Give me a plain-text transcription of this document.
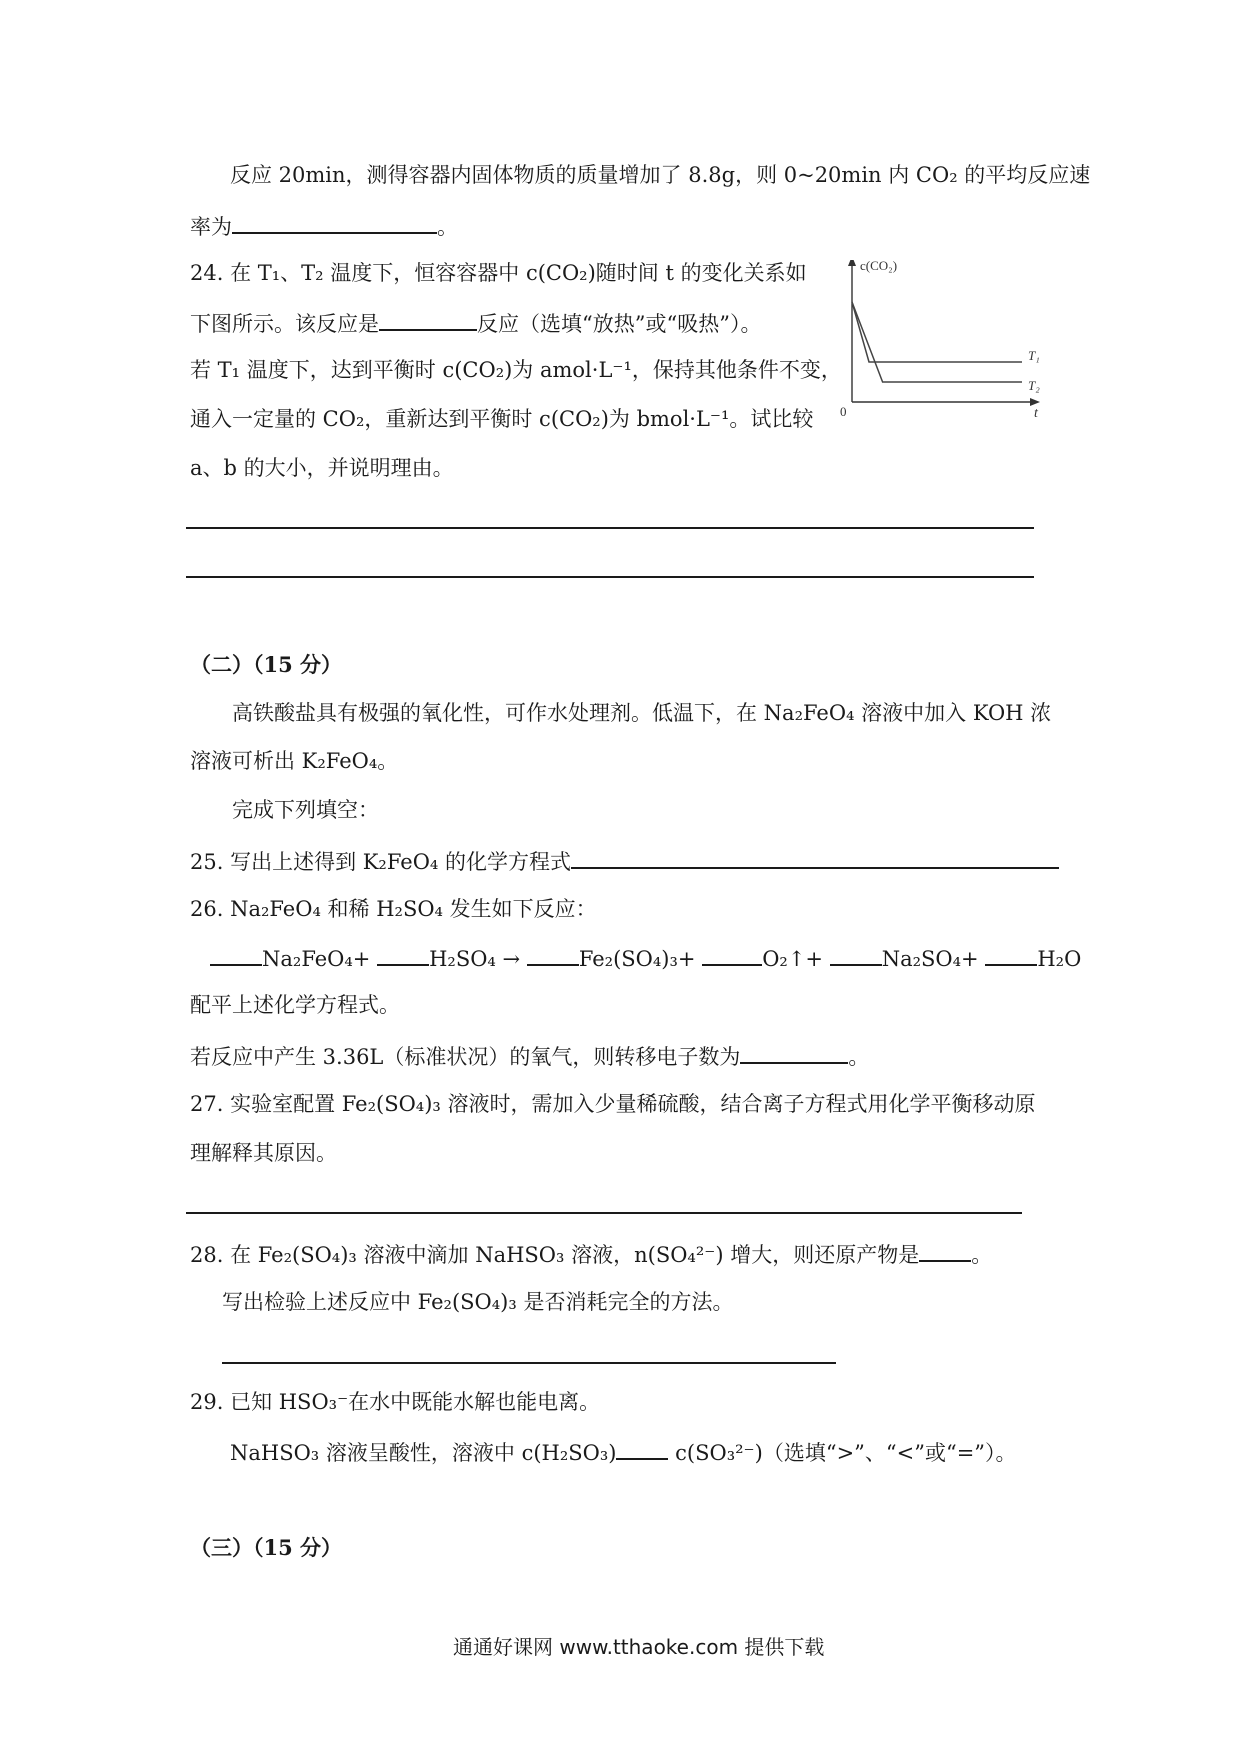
反应 20min，测得容器内固体物质的质量增加了 8.8g，则 0~20min 内 CO₂ 的平均反应速
率为	。
24. 在 T₁、T₂ 温度下，恒容容器中 c(CO₂)随时间 t 的变化关系如
下图所示。该反应是	反应（选填“放热”或“吸热”）。
若 T₁ 温度下，达到平衡时 c(CO₂)为 amol·L⁻¹，保持其他条件不变，
通入一定量的 CO₂，重新达到平衡时 c(CO₂)为 bmol·L⁻¹。试比较
a、b 的大小，并说明理由。
c(CO₂)
t
0
T₁
T₂
（二）（15 分）
高铁酸盐具有极强的氧化性，可作水处理剂。低温下，在 Na₂FeO₄ 溶液中加入 KOH 浓
溶液可析出 K₂FeO₄。
完成下列填空：
25. 写出上述得到 K₂FeO₄ 的化学方程式
26. Na₂FeO₄ 和稀 H₂SO₄ 发生如下反应：
Na₂FeO₄+	H₂SO₄ →	Fe₂(SO₄)₃+	O₂↑+	Na₂SO₄+	H₂O
配平上述化学方程式。
若反应中产生 3.36L（标准状况）的氧气，则转移电子数为	。
27. 实验室配置 Fe₂(SO₄)₃ 溶液时，需加入少量稀硫酸，结合离子方程式用化学平衡移动原
理解释其原因。
28. 在 Fe₂(SO₄)₃ 溶液中滴加 NaHSO₃ 溶液，n(SO₄²⁻) 增大，则还原产物是 。
写出检验上述反应中 Fe₂(SO₄)₃ 是否消耗完全的方法。
29. 已知 HSO₃⁻在水中既能水解也能电离。
NaHSO₃ 溶液呈酸性，溶液中 c(H₂SO₃) c(SO₃²⁻)（选填“>”、“<”或“=”）。
（三）（15 分）
通通好课网 www.tthaoke.com 提供下载
